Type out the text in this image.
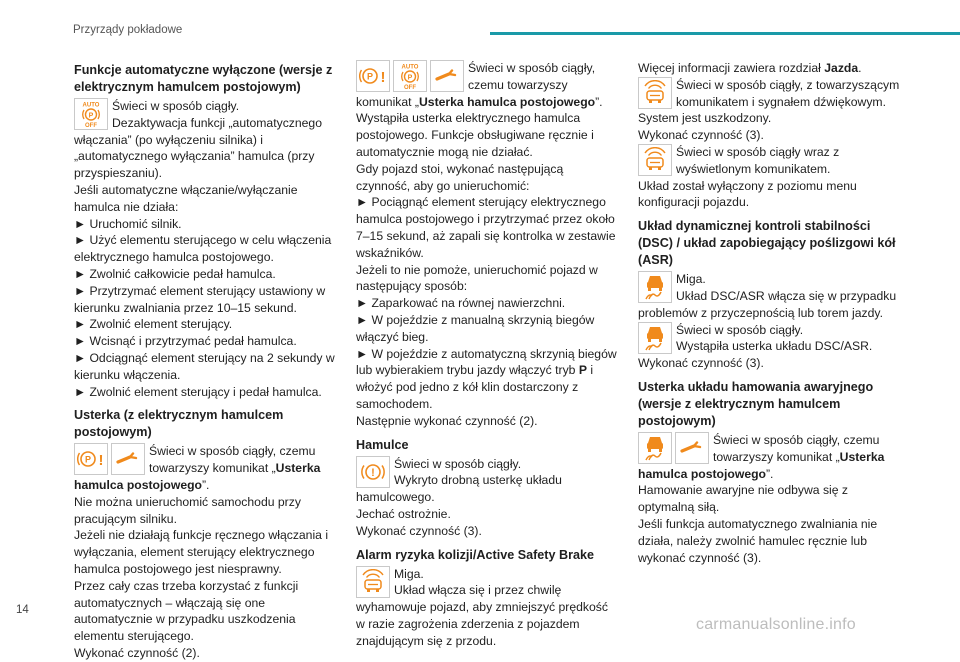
Przyrządy pokładowe
Funkcje automatyczne wyłączone (wersje z elektrycznym hamulcem postojowym)
AUTO
P
OFF

Świeci w sposób ciągły.

Dezaktywacja funkcji „automatycznego włączania” (po wyłączeniu silnika) i „automatycznego wyłączania” hamulca (przy przyspieszaniu).

Jeśli automatyczne włączanie/wyłączanie hamulca nie działa:

► Uruchomić silnik.

► Użyć elementu sterującego w celu włączenia elektrycznego hamulca postojowego.

► Zwolnić całkowicie pedał hamulca.

► Przytrzymać element sterujący ustawiony w kierunku zwalniania przez 10–15 sekund.

► Zwolnić element sterujący.

► Wcisnąć i przytrzymać pedał hamulca.

► Odciągnąć element sterujący na 2 sekundy w kierunku włączenia.

► Zwolnić element sterujący i pedał hamulca.

Usterka (z elektrycznym hamulcem postojowym)
P !

Świeci w sposób ciągły, czemu towarzyszy komunikat „Usterka hamulca postojowego”.

Nie można unieruchomić samochodu przy pracującym silniku.

Jeżeli nie działają funkcje ręcznego włączania i wyłączania, element sterujący elektrycznego hamulca postojowego jest niesprawny.

Przez cały czas trzeba korzystać z funkcji automatycznych – włączają się one automatycznie w przypadku uszkodzenia elementu sterującego.

Wykonać czynność (2).

P !
AUTO
P
OFF

Świeci w sposób ciągły, czemu towarzyszy komunikat „Usterka hamulca postojowego”.

Wystąpiła usterka elektrycznego hamulca postojowego. Funkcje obsługiwane ręcznie i automatycznie mogą nie działać.

Gdy pojazd stoi, wykonać następującą czynność, aby go unieruchomić:

► Pociągnąć element sterujący elektrycznego hamulca postojowego i przytrzymać przez około 7–15 sekund, aż zapali się kontrolka w zestawie wskaźników.

Jeżeli to nie pomoże, unieruchomić pojazd w następujący sposób:

► Zaparkować na równej nawierzchni.

► W pojeździe z manualną skrzynią biegów włączyć bieg.

► W pojeździe z automatyczną skrzynią biegów lub wybierakiem trybu jazdy włączyć tryb P i włożyć pod jedno z kół klin dostarczony z samochodem.

Następnie wykonać czynność (2).

Hamulce
!

Świeci w sposób ciągły.

Wykryto drobną usterkę układu hamulcowego.

Jechać ostrożnie.

Wykonać czynność (3).

Alarm ryzyka kolizji/Active Safety Brake

Miga.

Układ włącza się i przez chwilę wyhamowuje pojazd, aby zmniejszyć prędkość w razie zagrożenia zderzenia z pojazdem znajdującym się z przodu.

Więcej informacji zawiera rozdział Jazda.

Świeci w sposób ciągły, z towarzyszącym komunikatem i sygnałem dźwiękowym.

System jest uszkodzony.

Wykonać czynność (3).

Świeci w sposób ciągły wraz z wyświetlonym komunikatem.

Układ został wyłączony z poziomu menu konfiguracji pojazdu.

Układ dynamicznej kontroli stabilności (DSC) / układ zapobiegający poślizgowi kół (ASR)

Miga.

Układ DSC/ASR włącza się w przypadku problemów z przyczepnością lub torem jazdy.

Świeci w sposób ciągły.

Wystąpiła usterka układu DSC/ASR.

Wykonać czynność (3).

Usterka układu hamowania awaryjnego (wersje z elektrycznym hamulcem postojowym)

Świeci w sposób ciągły, czemu towarzyszy komunikat „Usterka hamulca postojowego”.

Hamowanie awaryjne nie odbywa się z optymalną siłą.

Jeśli funkcja automatycznego zwalniania nie działa, należy zwolnić hamulec ręcznie lub wykonać czynność (3).

14
carmanualsonline.info
